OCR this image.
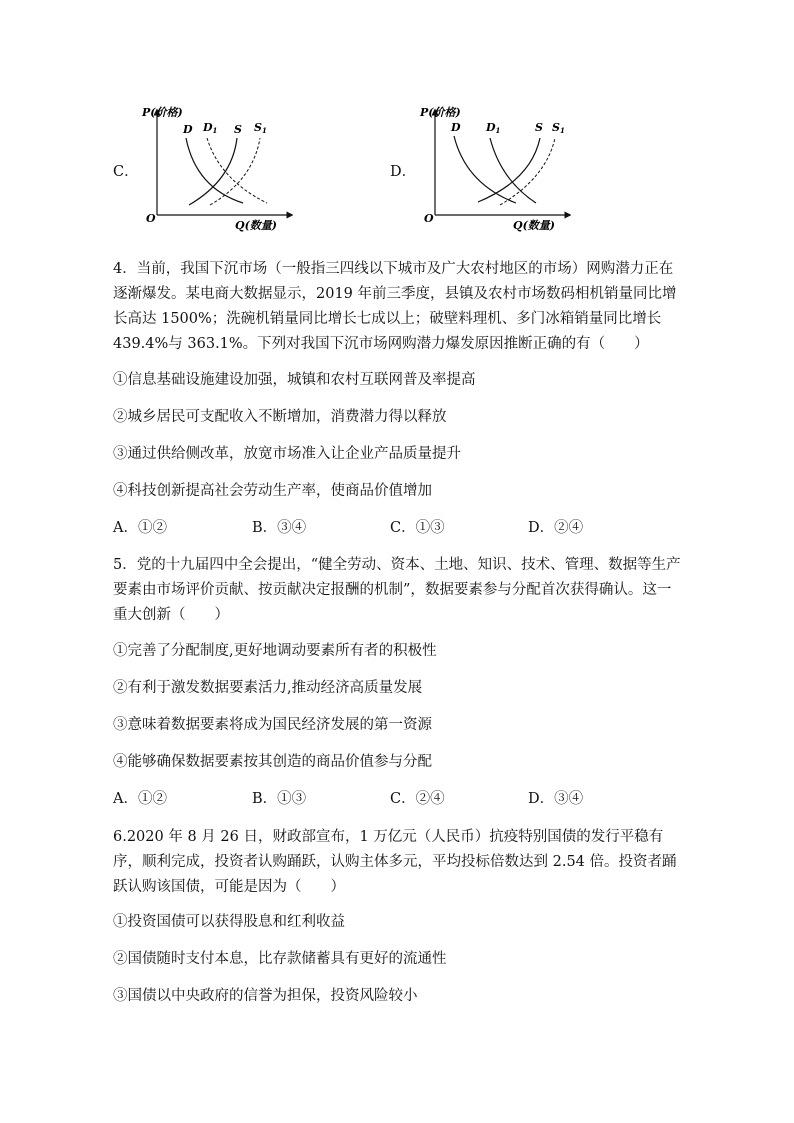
C．
P(价格)
Q(数量)
O
D D1 S S1
D．
P(价格)
Q(数量)
O
D D1	S S1
4．当前，我国下沉市场（一般指三四线以下城市及广大农村地区的市场）网购潜力正在逐渐爆发。某电商大数据显示，2019 年前三季度，县镇及农村市场数码相机销量同比增长高达 1500%；洗碗机销量同比增长七成以上；破壁料理机、多门冰箱销量同比增长 439.4%与 363.1%。下列对我国下沉市场网购潜力爆发原因推断正确的有（　　）
①信息基础设施建设加强，城镇和农村互联网普及率提高
②城乡居民可支配收入不断增加，消费潜力得以释放
③通过供给侧改革，放宽市场准入让企业产品质量提升
④科技创新提高社会劳动生产率，使商品价值增加
A．①②	B．③④	C．①③	D．②④
5．党的十九届四中全会提出，“健全劳动、资本、土地、知识、技术、管理、数据等生产要素由市场评价贡献、按贡献决定报酬的机制”，数据要素参与分配首次获得确认。这一重大创新（　　）
①完善了分配制度,更好地调动要素所有者的积极性
②有利于激发数据要素活力,推动经济高质量发展
③意味着数据要素将成为国民经济发展的第一资源
④能够确保数据要素按其创造的商品价值参与分配
A．①②	B．①③	C．②④	D．③④
6.2020 年 8 月 26 日，财政部宣布，1 万亿元（人民币）抗疫特别国债的发行平稳有序，顺利完成，投资者认购踊跃，认购主体多元，平均投标倍数达到 2.54 倍。投资者踊跃认购该国债，可能是因为（　　）
①投资国债可以获得股息和红利收益
②国债随时支付本息，比存款储蓄具有更好的流通性
③国债以中央政府的信誉为担保，投资风险较小
